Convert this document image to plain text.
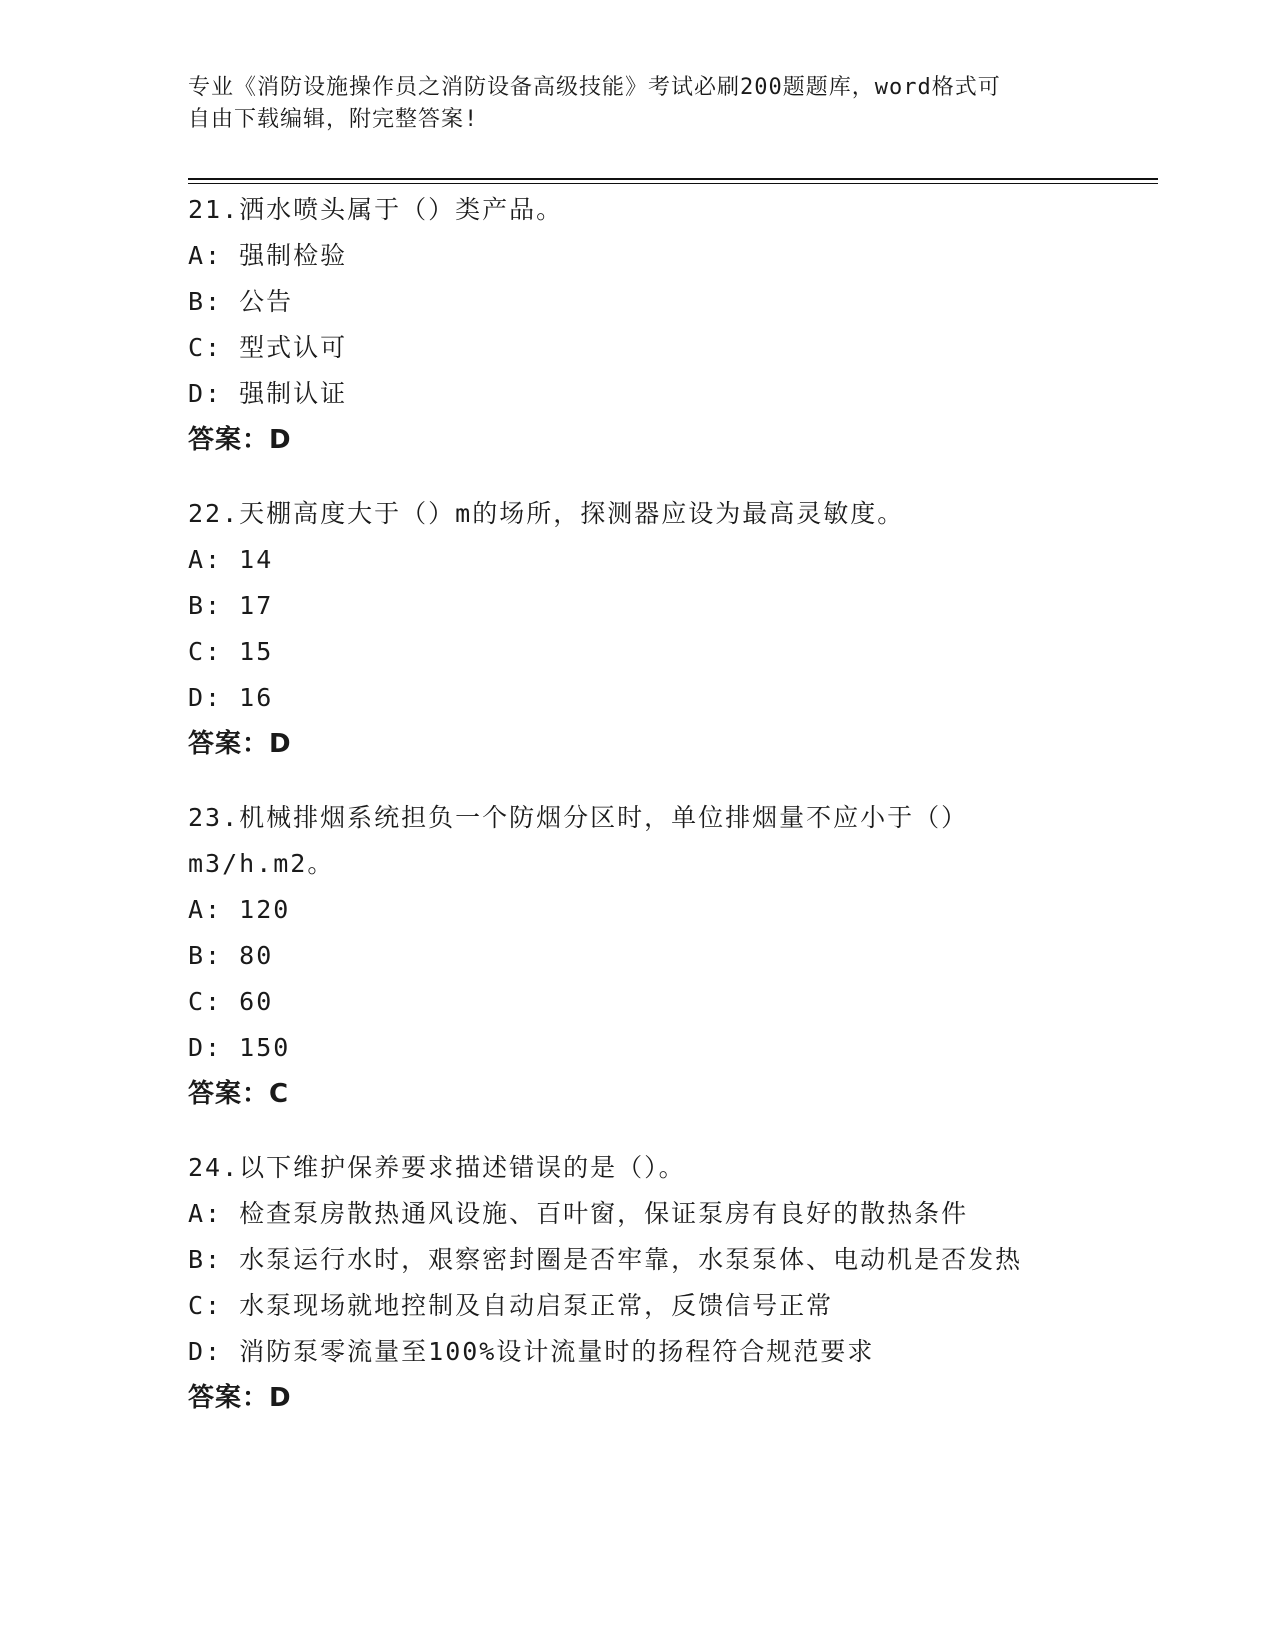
专业《消防设施操作员之消防设备高级技能》考试必刷200题题库，word格式可
自由下载编辑，附完整答案!
21.洒水喷头属于（）类产品。
A: 强制检验
B: 公告
C: 型式认可
D: 强制认证
答案：D
22.天棚高度大于（）m的场所，探测器应设为最高灵敏度。
A: 14
B: 17
C: 15
D: 16
答案：D
23.机械排烟系统担负一个防烟分区时，单位排烟量不应小于（）
m3/h.m2。
A: 120
B: 80
C: 60
D: 150
答案：C
24.以下维护保养要求描述错误的是（）。
A: 检查泵房散热通风设施、百叶窗，保证泵房有良好的散热条件
B: 水泵运行水时，艰察密封圈是否牢靠，水泵泵体、电动机是否发热
C: 水泵现场就地控制及自动启泵正常，反馈信号正常
D: 消防泵零流量至100%设计流量时的扬程符合规范要求
答案：D
